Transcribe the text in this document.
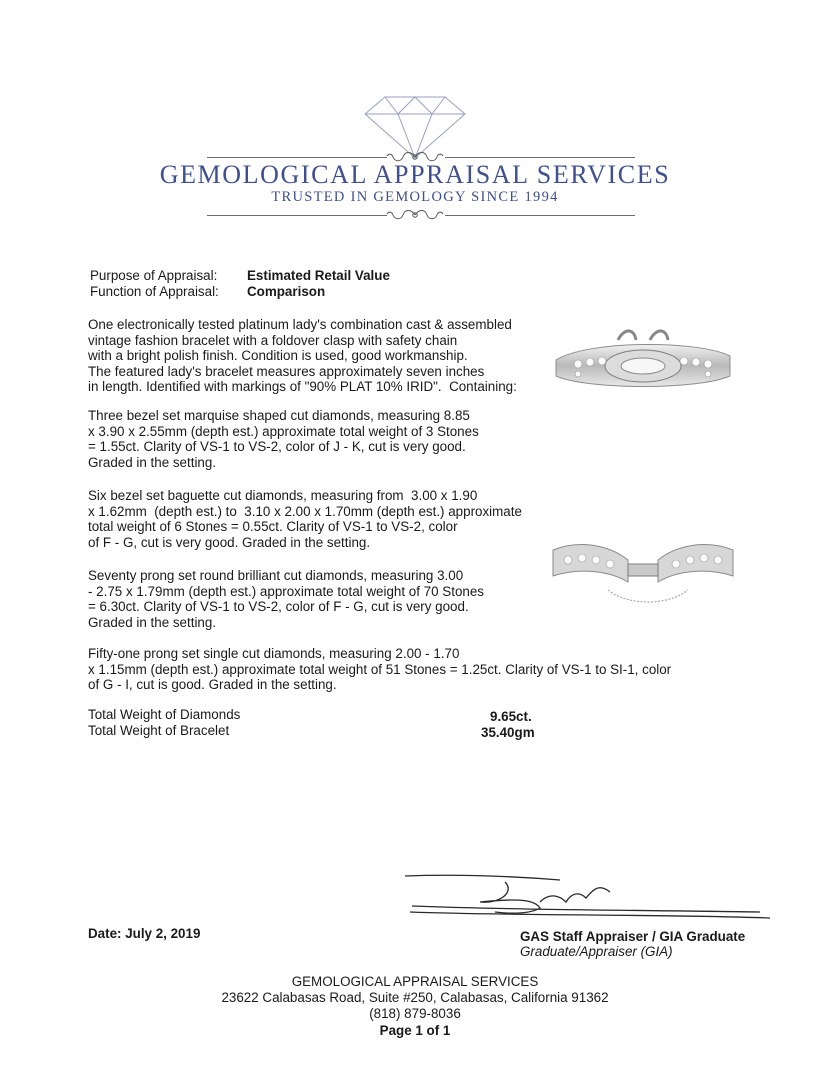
GEMOLOGICAL APPRAISAL SERVICES
TRUSTED IN GEMOLOGY SINCE 1994
Purpose of Appraisal: Estimated Retail Value
Function of Appraisal: Comparison
One electronically tested platinum lady's combination cast & assembled
vintage fashion bracelet with a foldover clasp with safety chain
with a bright polish finish. Condition is used, good workmanship.
The featured lady's bracelet measures approximately seven inches
in length. Identified with markings of "90% PLAT 10% IRID".  Containing:
Three bezel set marquise shaped cut diamonds, measuring 8.85
x 3.90 x 2.55mm (depth est.) approximate total weight of 3 Stones
= 1.55ct. Clarity of VS-1 to VS-2, color of J - K, cut is very good.
Graded in the setting.
Six bezel set baguette cut diamonds, measuring from  3.00 x 1.90
x 1.62mm  (depth est.) to  3.10 x 2.00 x 1.70mm (depth est.) approximate
total weight of 6 Stones = 0.55ct. Clarity of VS-1 to VS-2, color
of F - G, cut is very good. Graded in the setting.
Seventy prong set round brilliant cut diamonds, measuring 3.00
- 2.75 x 1.79mm (depth est.) approximate total weight of 70 Stones
= 6.30ct. Clarity of VS-1 to VS-2, color of F - G, cut is very good.
Graded in the setting.
Fifty-one prong set single cut diamonds, measuring 2.00 - 1.70
x 1.15mm (depth est.) approximate total weight of 51 Stones = 1.25ct. Clarity of VS-1 to SI-1, color
of G - I, cut is good. Graded in the setting.
Total Weight of Diamonds	9.65ct.
Total Weight of Bracelet	35.40gm
Date: July 2, 2019	GAS Staff Appraiser / GIA Graduate
Graduate/Appraiser (GIA)
GEMOLOGICAL APPRAISAL SERVICES
23622 Calabasas Road, Suite #250, Calabasas, California 91362
(818) 879-8036
Page 1 of 1
